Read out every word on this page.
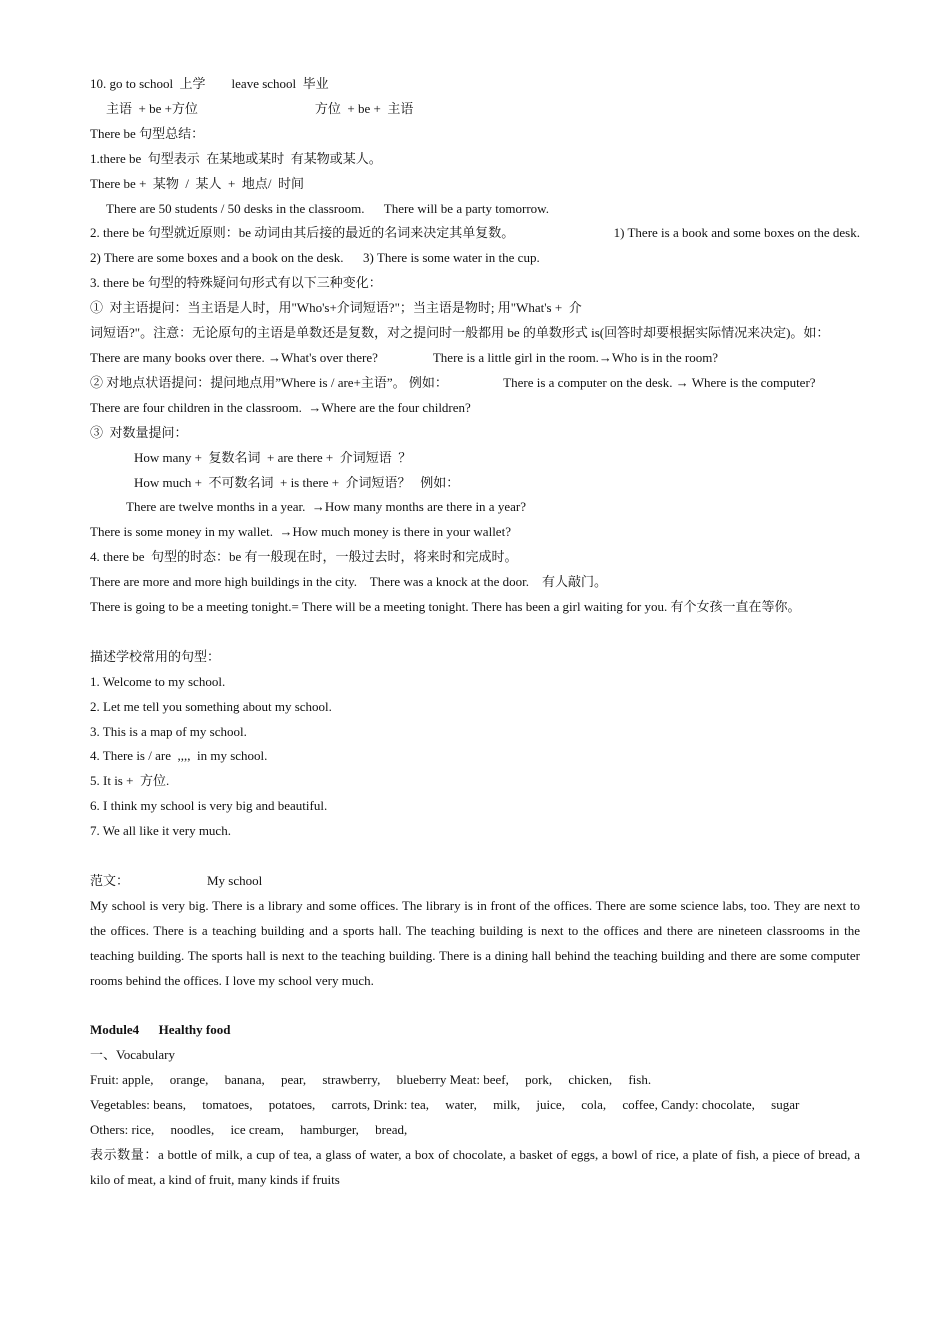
10. go to school  上学        leave school  毕业
主语  + be +方位                                    方位  + be +  主语
There be 句型总结：
1.there be  句型表示  在某地或某时  有某物或某人。
There be +  某物  /  某人  +  地点/  时间
There are 50 students / 50 desks in the classroom.      There will be a party tomorrow.
2. there be 句型就近原则：be 动词由其后接的最近的名词来决定其单复数。	1) There is a book and some boxes on the desk.
2) There are some boxes and a book on the desk.      3) There is some water in the cup.
3. there be 句型的特殊疑问句形式有以下三种变化：
①  对主语提问：当主语是人时，用"Who's+介词短语?"；当主语是物时; 用"What's +  介
词短语?"。注意：无论原句的主语是单数还是复数，对之提问时一般都用 be 的单数形式 is(回答时却要根据实际情况来决定)。如：
There are many books over there. →What's over there?                 There is a little girl in the room.→Who is in the room?
② 对地点状语提问：提问地点用”Where is / are+主语”。 例如：	There is a computer on the desk. → Where is the computer?
There are four children in the classroom.  →Where are the four children?
③  对数量提问：
How many +  复数名词  + are there +  介词短语  ？
How much +  不可数名词  + is there +  介词短语？   例如：
There are twelve months in a year.  →How many months are there in a year?
There is some money in my wallet.  →How much money is there in your wallet?
4. there be  句型的时态：be 有一般现在时，一般过去时，将来时和完成时。
There are more and more high buildings in the city.    There was a knock at the door.    有人敲门。
There is going to be a meeting tonight.= There will be a meeting tonight. There has been a girl waiting for you. 有个女孩一直在等你。
描述学校常用的句型：
1. Welcome to my school.
2. Let me tell you something about my school.
3. This is a map of my school.
4. There is / are  ,,,,  in my school.
5. It is +  方位.
6. I think my school is very big and beautiful.
7. We all like it very much.
范文：                        My school
My school is very big. There is a library and some offices. The library is in front of the offices. There are some science labs, too. They are next to the offices. There is a teaching building and a sports hall. The teaching building is next to the offices and there are nineteen classrooms in the teaching building. The sports hall is next to the teaching building. There is a dining hall behind the teaching building and there are some computer rooms behind the offices. I love my school very much.
Module4      Healthy food
一、Vocabulary
Fruit: apple,     orange,     banana,     pear,     strawberry,     blueberry Meat: beef,     pork,     chicken,     fish.
Vegetables: beans,     tomatoes,     potatoes,     carrots, Drink: tea,     water,     milk,     juice,     cola,     coffee, Candy: chocolate,     sugar
Others: rice,     noodles,     ice cream,     hamburger,     bread,
表示数量：a bottle of milk, a cup of tea, a glass of water, a box of chocolate, a basket of eggs, a bowl of rice, a plate of fish, a piece of bread, a kilo of meat, a kind of fruit, many kinds if fruits
